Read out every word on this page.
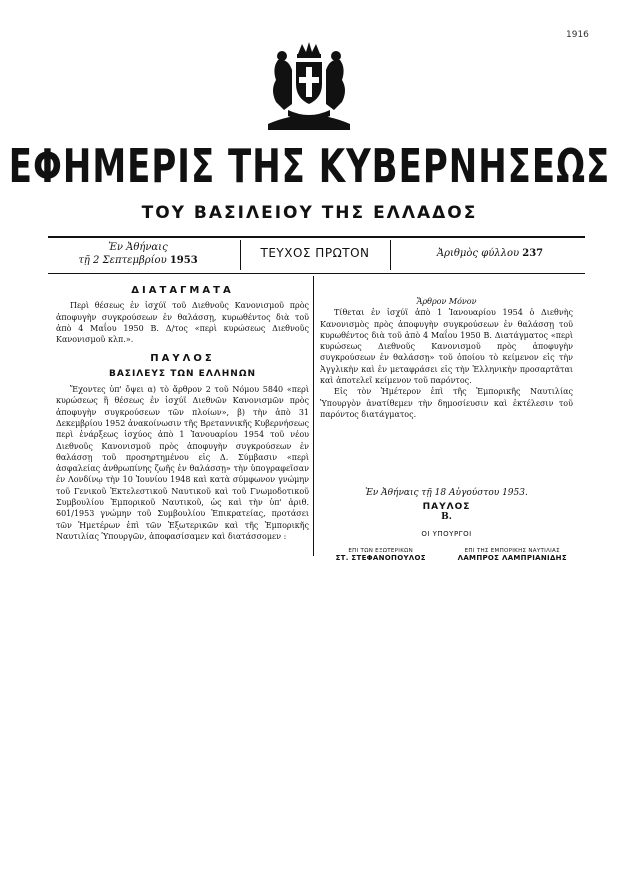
1916
ΕΦΗΜΕΡΙΣ ΤΗΣ ΚΥΒΕΡΝΗΣΕΩΣ
ΤΟΥ ΒΑΣΙΛΕΙΟΥ ΤΗΣ ΕΛΛΑΔΟΣ
Ἐν Ἀθήναις
τῇ 2 Σεπτεμβρίου 1953
ΤΕΥΧΟΣ ΠΡΩΤΟΝ	Ἀριθμὸς φύλλου 237

ΔΙΑΤΑΓΜΑΤΑ

Περὶ θέσεως ἐν ἰσχύϊ τοῦ Διεθνοῦς Κανονισμοῦ πρὸς ἀποφυγὴν συγκρούσεων ἐν θαλάσσῃ, κυρωθέντος διὰ τοῦ ἀπὸ 4 Μαΐου 1950 Β. Δ/τος «περὶ κυρώσεως Διεθνοῦς Κανονισμοῦ κλπ.».

ΠΑΥΛΟΣ

ΒΑΣΙΛΕΥΣ ΤΩΝ ΕΛΛΗΝΩΝ

Ἔχοντες ὑπ' ὄψει α) τὸ ἄρθρον 2 τοῦ Νόμου 5840 «περὶ κυρώσεως ἢ θέσεως ἐν ἰσχύϊ Διεθνῶν Κανονισμῶν πρὸς ἀποφυγὴν συγκρούσεων τῶν πλοίων», β) τὴν ἀπὸ 31 Δεκεμβρίου 1952 ἀνακοίνωσιν τῆς Βρεταννικῆς Κυβερνήσεως περὶ ἐνάρξεως ἰσχύος ἀπὸ 1 Ἰανουαρίου 1954 τοῦ νέου Διεθνοῦς Κανονισμοῦ πρὸς ἀποφυγὴν συγκρούσεων ἐν θαλάσσῃ τοῦ προσηρτημένου εἰς Δ. Σύμβασιν «περὶ ἀσφαλείας ἀνθρωπίνης ζωῆς ἐν θαλάσσῃ» τὴν ὑπογραφεῖσαν ἐν Λονδίνῳ τὴν 10 Ἰουνίου 1948 καὶ κατὰ σύμφωνον γνώμην τοῦ Γενικοῦ Ἐκτελεστικοῦ Ναυτικοῦ καὶ τοῦ Γνωμοδοτικοῦ Συμβουλίου Ἐμπορικοῦ Ναυτικοῦ, ὡς καὶ τὴν ὑπ' ἀριθ. 601/1953 γνώμην τοῦ Συμβουλίου Ἐπικρατείας, προτάσει τῶν Ἡμετέρων ἐπὶ τῶν Ἐξωτερικῶν καὶ τῆς Ἐμπορικῆς Ναυτιλίας Ὑπουργῶν, ἀποφασίσαμεν καὶ διατάσσομεν :

Ἄρθρον Μόνον

Τίθεται ἐν ἰσχύϊ ἀπὸ 1 Ἰανουαρίου 1954 ὁ Διεθνὴς Κανονισμὸς πρὸς ἀποφυγὴν συγκρούσεων ἐν θαλάσσῃ τοῦ κυρωθέντος διὰ τοῦ ἀπὸ 4 Μαΐου 1950 Β. Διατάγματος «περὶ κυρώσεως Διεθνοῦς Κανονισμοῦ πρὸς ἀποφυγὴν συγκρούσεων ἐν θαλάσσῃ» τοῦ ὁποίου τὸ κείμενον εἰς τὴν Ἀγγλικὴν καὶ ἐν μεταφράσει εἰς τὴν Ἑλληνικὴν προσαρτᾶται καὶ ἀποτελεῖ κείμενον τοῦ παρόντος.

Εἰς τὸν Ἡμέτερον ἐπὶ τῆς Ἐμπορικῆς Ναυτιλίας Ὑπουργὸν ἀνατίθεμεν τὴν δημοσίευσιν καὶ ἐκτέλεσιν τοῦ παρόντος διατάγματος.

Ἐν Ἀθήναις τῇ 18 Αὐγούστου 1953.
ΠΑΥΛΟΣ
Β.
ΟΙ ΥΠΟΥΡΓΟΙ
ΕΠΙ ΤΩΝ ΕΞΩΤΕΡΙΚΩΝ
ΣΤ. ΣΤΕΦΑΝΟΠΟΥΛΟΣ
ΕΠΙ ΤΗΣ ΕΜΠΟΡΙΚΗΣ ΝΑΥΤΙΛΙΑΣ
ΛΑΜΠΡΟΣ ΛΑΜΠΡΙΑΝΙΔΗΣ
